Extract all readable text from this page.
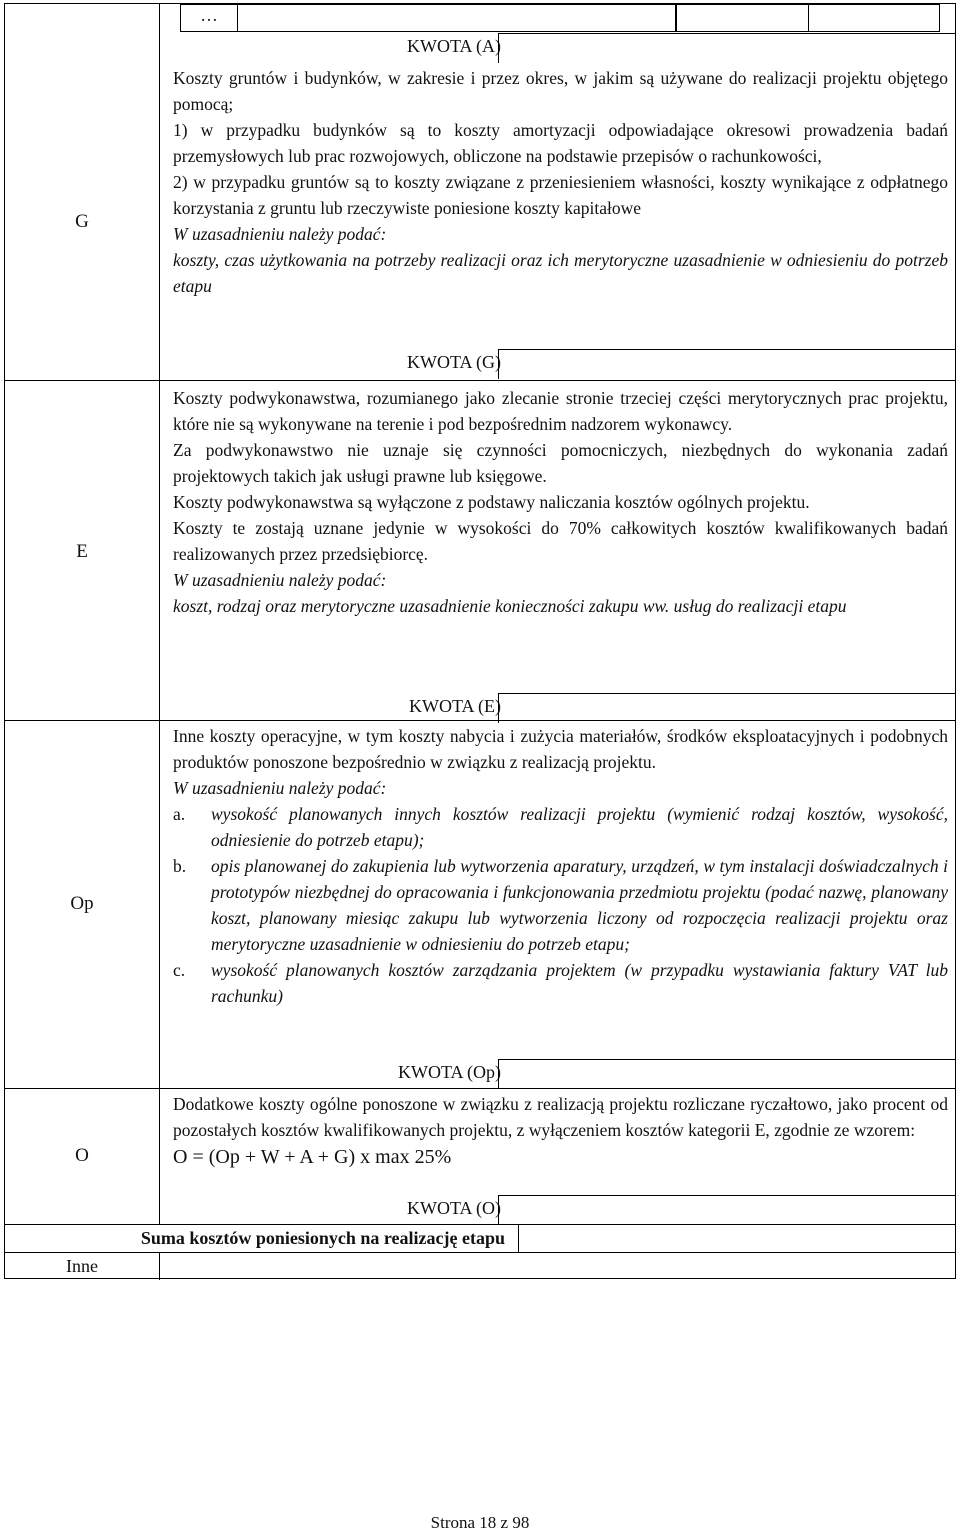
…
KWOTA (A)
G

Koszty gruntów i budynków, w zakresie i przez okres, w jakim są używane do realizacji projektu objętego pomocą;

1) w przypadku budynków są to koszty amortyzacji odpowiadające okresowi prowadzenia badań przemysłowych lub prac rozwojowych, obliczone na podstawie przepisów o rachunkowości,

2) w przypadku gruntów są to koszty związane z przeniesieniem własności, koszty wynikające z odpłatnego korzystania z gruntu lub rzeczywiste poniesione koszty kapitałowe

W uzasadnieniu należy podać:

koszty, czas użytkowania na potrzeby realizacji oraz ich merytoryczne uzasadnienie w odniesieniu do potrzeb etapu

KWOTA (G)
E

Koszty podwykonawstwa, rozumianego jako zlecanie stronie trzeciej części merytorycznych prac projektu, które nie są wykonywane na terenie i pod bezpośrednim nadzorem wykonawcy.

Za podwykonawstwo nie uznaje się czynności pomocniczych, niezbędnych do wykonania zadań projektowych takich jak usługi prawne lub księgowe.

Koszty podwykonawstwa są wyłączone z podstawy naliczania kosztów ogólnych projektu.

Koszty te zostają uznane jedynie w wysokości do 70% całkowitych kosztów kwalifikowanych badań realizowanych przez przedsiębiorcę.

W uzasadnieniu należy podać:

koszt, rodzaj oraz merytoryczne uzasadnienie konieczności zakupu ww. usług do realizacji etapu

KWOTA (E)
Op

Inne koszty operacyjne, w tym koszty nabycia i zużycia materiałów, środków eksploatacyjnych i podobnych produktów ponoszone bezpośrednio w związku z realizacją projektu.

W uzasadnieniu należy podać:

a. wysokość planowanych innych kosztów realizacji projektu (wymienić rodzaj kosztów, wysokość, odniesienie do potrzeb etapu);
b. opis planowanej do zakupienia lub wytworzenia aparatury, urządzeń, w tym instalacji doświadczalnych i prototypów niezbędnej do opracowania i funkcjonowania przedmiotu projektu (podać nazwę, planowany koszt, planowany miesiąc zakupu lub wytworzenia liczony od rozpoczęcia realizacji projektu oraz merytoryczne uzasadnienie w odniesieniu do potrzeb etapu;
c. wysokość planowanych kosztów zarządzania projektem (w przypadku wystawiania faktury VAT lub rachunku)
KWOTA (Op)
O

Dodatkowe koszty ogólne ponoszone w związku z realizacją projektu rozliczane ryczałtowo, jako procent od pozostałych kosztów kwalifikowanych projektu, z wyłączeniem kosztów kategorii E, zgodnie ze wzorem:

O = (Op + W + A + G) x max 25%

KWOTA (O)
Suma kosztów poniesionych na realizację etapu
Inne
Strona 18 z 98
